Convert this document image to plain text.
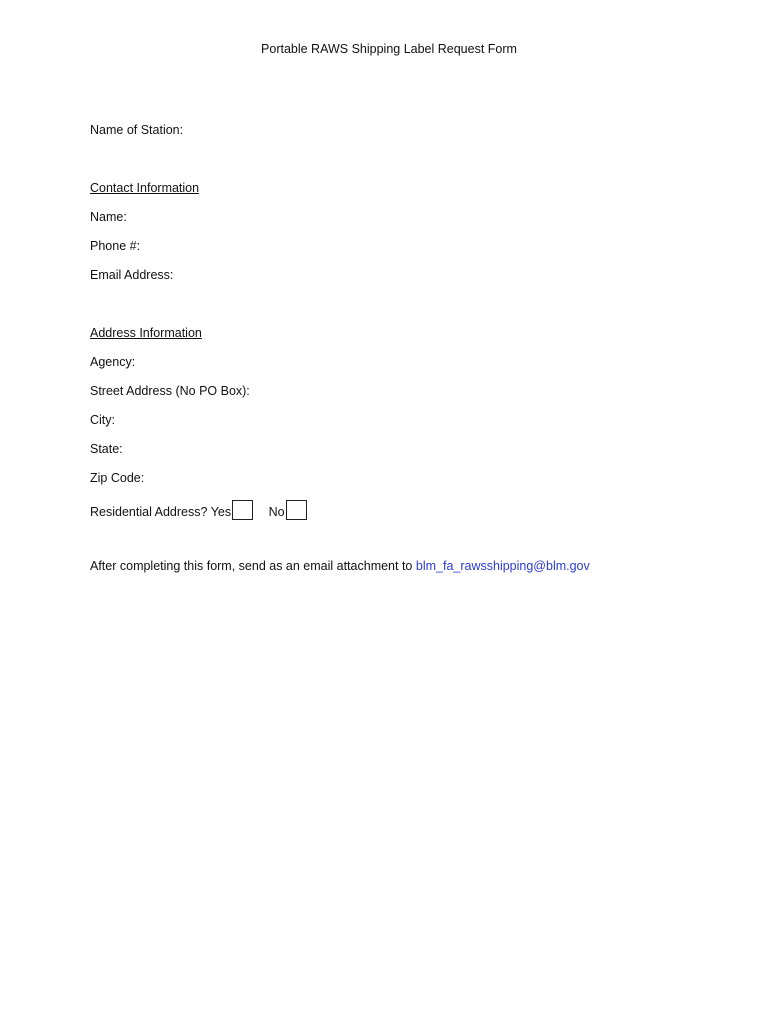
Portable RAWS Shipping Label Request Form
Name of Station:
Contact Information
Name:
Phone #:
Email Address:
Address Information
Agency:
Street Address (No PO Box):
City:
State:
Zip Code:
Residential Address? Yes	No
After completing this form, send as an email attachment to blm_fa_rawsshipping@blm.gov
